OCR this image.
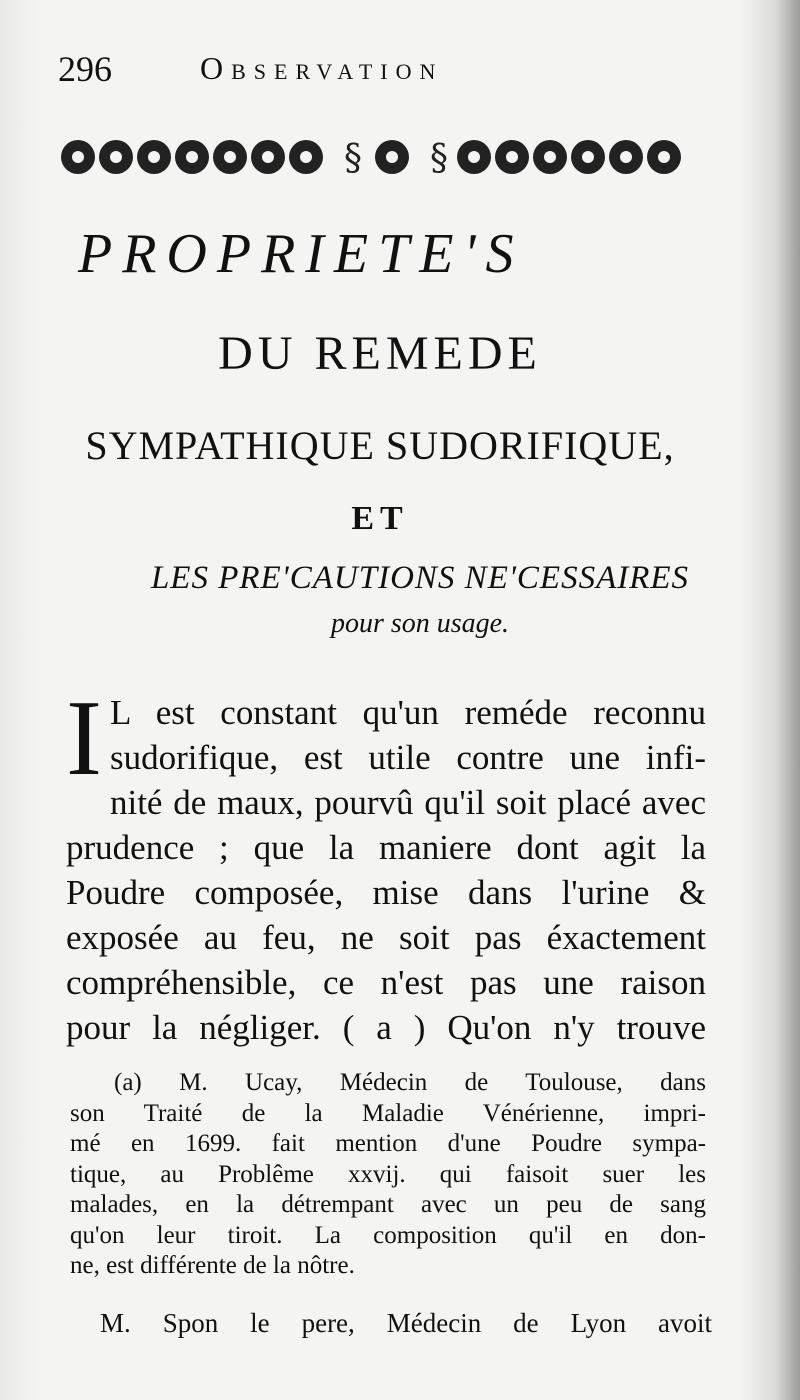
296	Observation
§ §
PROPRIETE'S
DU REMEDE
SYMPATHIQUE SUDORIFIQUE,
ET
LES PRE'CAUTIONS NE'CESSAIRES
pour son usage.
I L est constant qu'un reméde reconnu

sudorifique, est utile contre une infi-

nité de maux, pourvû qu'il soit placé avec

prudence ; que la maniere dont agit la

Poudre composée, mise dans l'urine &

exposée au feu, ne soit pas éxactement

compréhensible, ce n'est pas une raison

pour la négliger. ( a ) Qu'on n'y trouve

(a) M. Ucay, Médecin de Toulouse, dans

son Traité de la Maladie Vénérienne, impri-

mé en 1699. fait mention d'une Poudre sympa-

tique, au Problême xxvij. qui faisoit suer les

malades, en la détrempant avec un peu de sang

qu'on leur tiroit. La composition qu'il en don-

ne, est différente de la nôtre.

M. Spon le pere, Médecin de Lyon avoit
